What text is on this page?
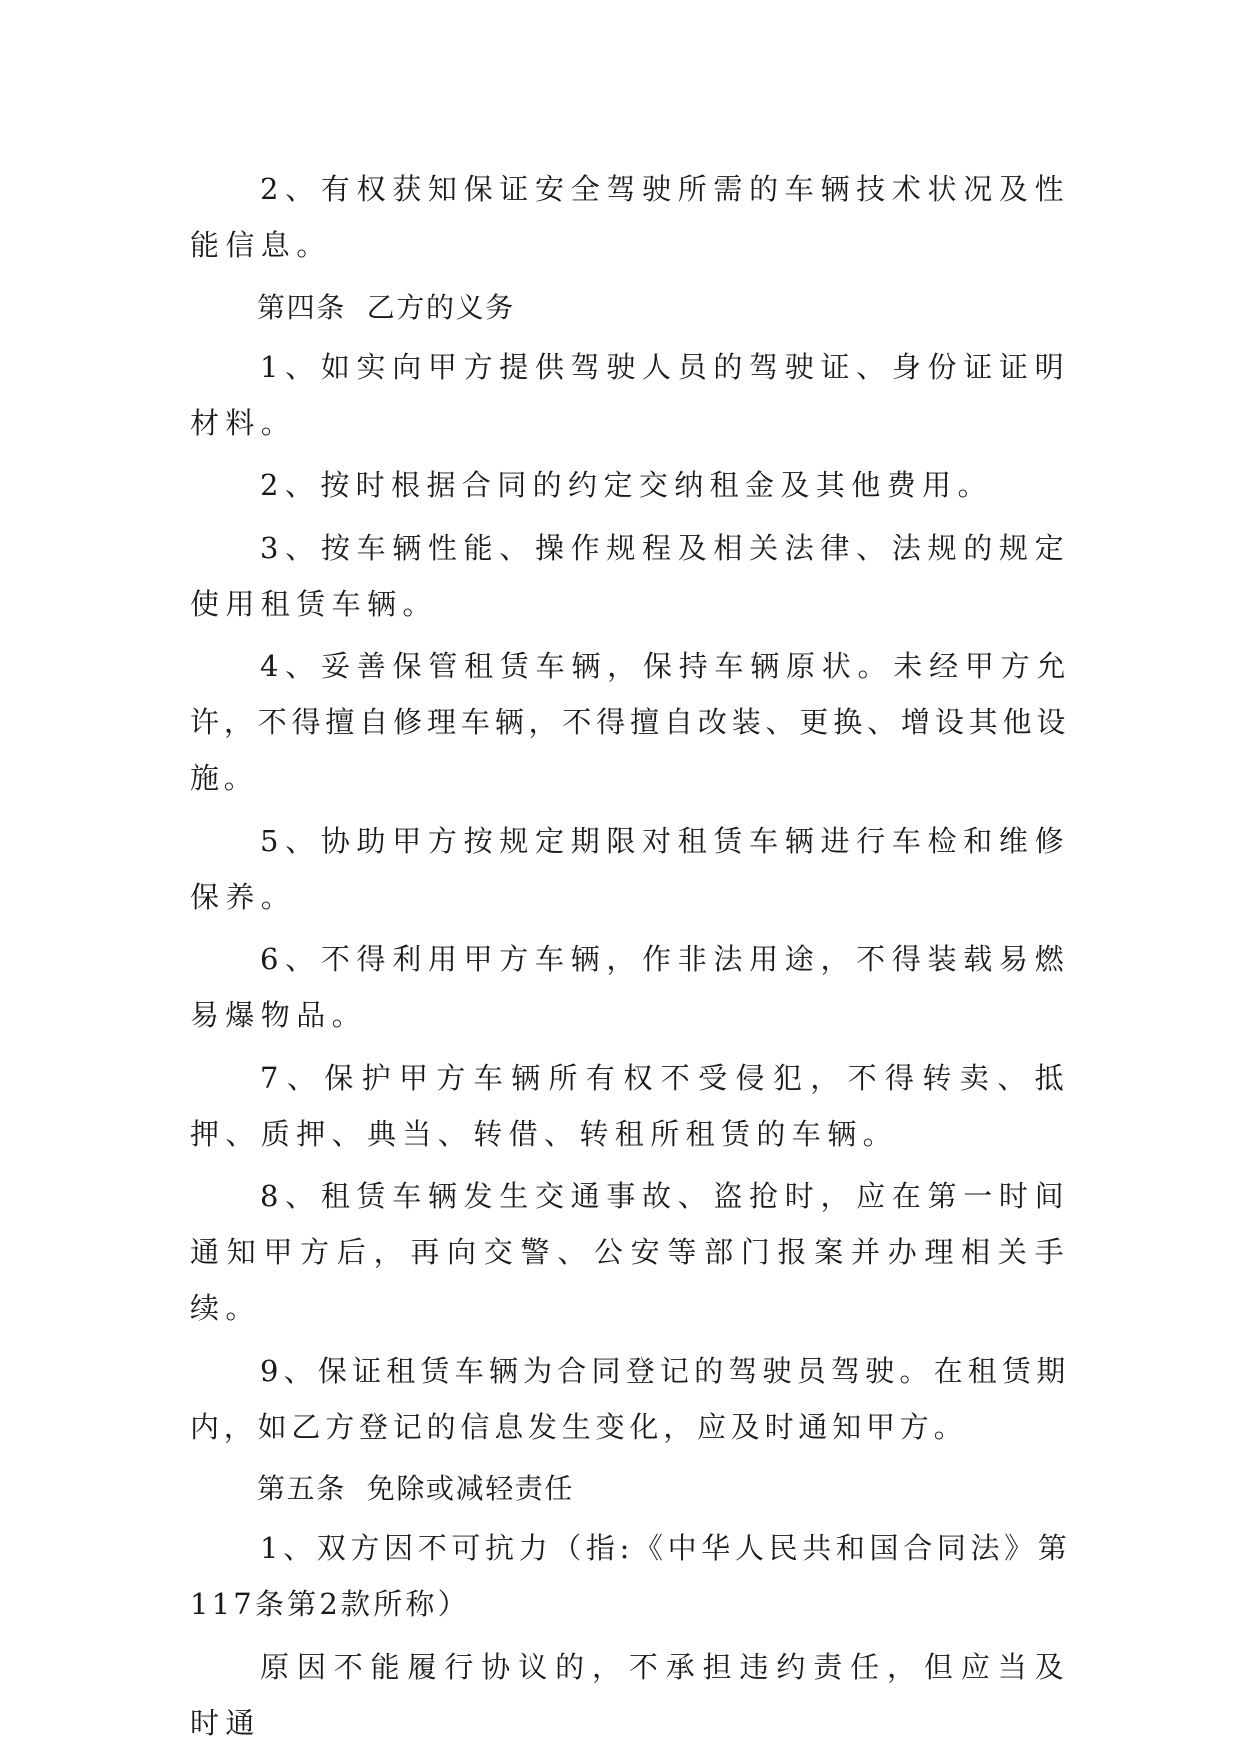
2、有权获知保证安全驾驶所需的车辆技术状况及性能信息。

第四条  乙方的义务

1、如实向甲方提供驾驶人员的驾驶证、身份证证明材料。

2、按时根据合同的约定交纳租金及其他费用。

3、按车辆性能、操作规程及相关法律、法规的规定使用租赁车辆。

4、妥善保管租赁车辆，保持车辆原状。未经甲方允许，不得擅自修理车辆，不得擅自改装、更换、增设其他设施。

5、协助甲方按规定期限对租赁车辆进行车检和维修保养。

6、不得利用甲方车辆，作非法用途，不得装载易燃易爆物品。

7、保护甲方车辆所有权不受侵犯，不得转卖、抵押、质押、典当、转借、转租所租赁的车辆。

8、租赁车辆发生交通事故、盗抢时，应在第一时间通知甲方后，再向交警、公安等部门报案并办理相关手续。

9、保证租赁车辆为合同登记的驾驶员驾驶。在租赁期内，如乙方登记的信息发生变化，应及时通知甲方。

第五条  免除或减轻责任

1、双方因不可抗力（指:《中华人民共和国合同法》第117条第2款所称）

原因不能履行协议的，不承担违约责任，但应当及时通
